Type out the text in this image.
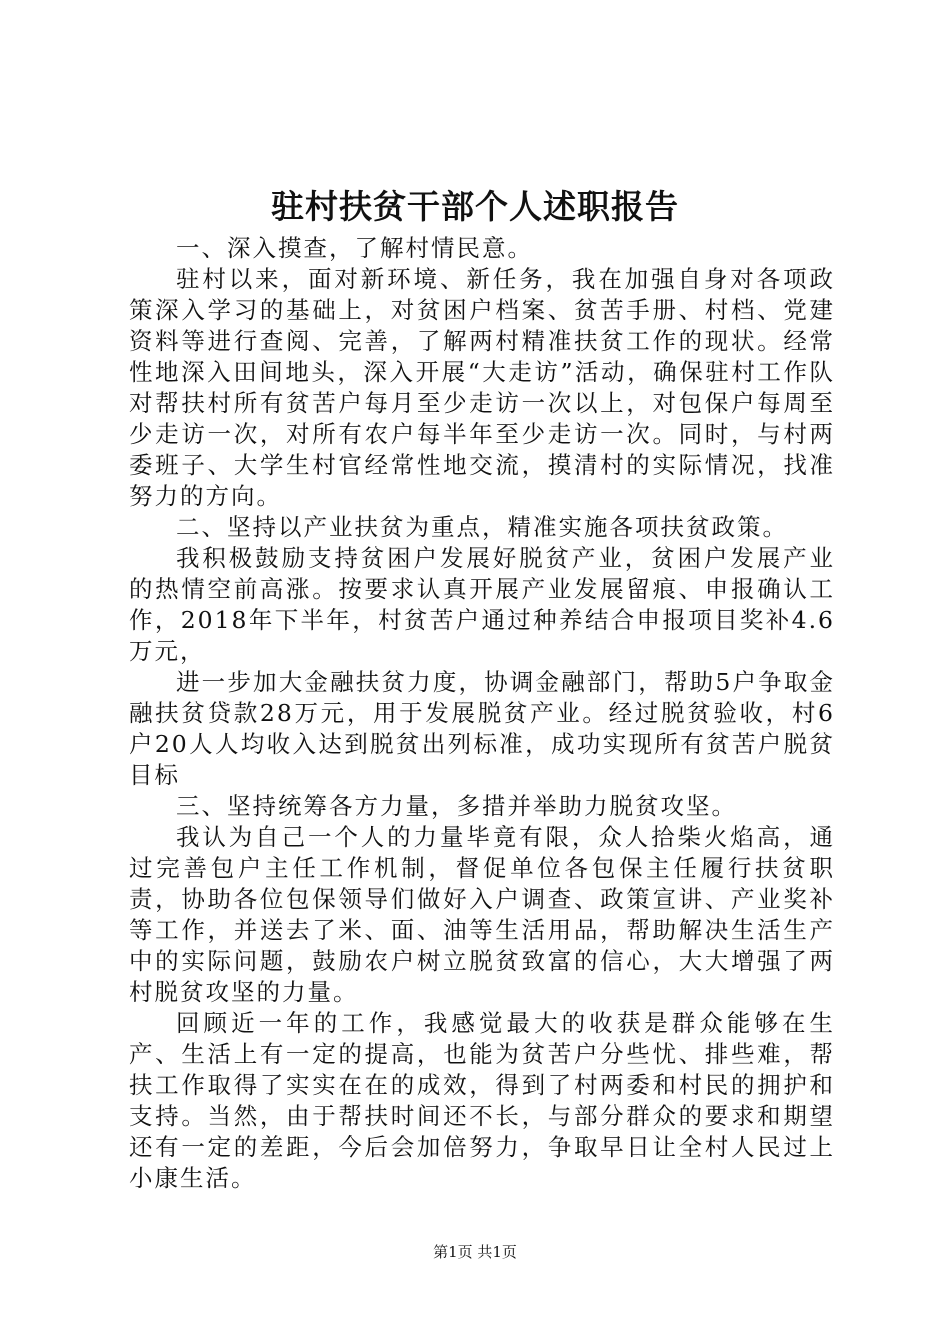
驻村扶贫干部个人述职报告

一、深入摸查，了解村情民意。

驻村以来，面对新环境、新任务，我在加强自身对各项政策深入学习的基础上，对贫困户档案、贫苦手册、村档、党建资料等进行查阅、完善，了解两村精准扶贫工作的现状。经常性地深入田间地头，深入开展“大走访”活动，确保驻村工作队对帮扶村所有贫苦户每月至少走访一次以上，对包保户每周至少走访一次，对所有农户每半年至少走访一次。同时，与村两委班子、大学生村官经常性地交流，摸清村的实际情况，找准努力的方向。

二、坚持以产业扶贫为重点，精准实施各项扶贫政策。

我积极鼓励支持贫困户发展好脱贫产业，贫困户发展产业的热情空前高涨。按要求认真开展产业发展留痕、申报确认工作，2018年下半年，村贫苦户通过种养结合申报项目奖补4.6万元，

进一步加大金融扶贫力度，协调金融部门，帮助5户争取金融扶贫贷款28万元，用于发展脱贫产业。经过脱贫验收，村6户20人人均收入达到脱贫出列标准，成功实现所有贫苦户脱贫目标

三、坚持统筹各方力量，多措并举助力脱贫攻坚。

我认为自己一个人的力量毕竟有限，众人拾柴火焰高，通过完善包户主任工作机制，督促单位各包保主任履行扶贫职责，协助各位包保领导们做好入户调查、政策宣讲、产业奖补等工作，并送去了米、面、油等生活用品，帮助解决生活生产中的实际问题，鼓励农户树立脱贫致富的信心，大大增强了两村脱贫攻坚的力量。

回顾近一年的工作，我感觉最大的收获是群众能够在生产、生活上有一定的提高，也能为贫苦户分些忧、排些难，帮扶工作取得了实实在在的成效，得到了村两委和村民的拥护和支持。当然，由于帮扶时间还不长，与部分群众的要求和期望还有一定的差距，今后会加倍努力，争取早日让全村人民过上小康生活。

第1页 共1页
